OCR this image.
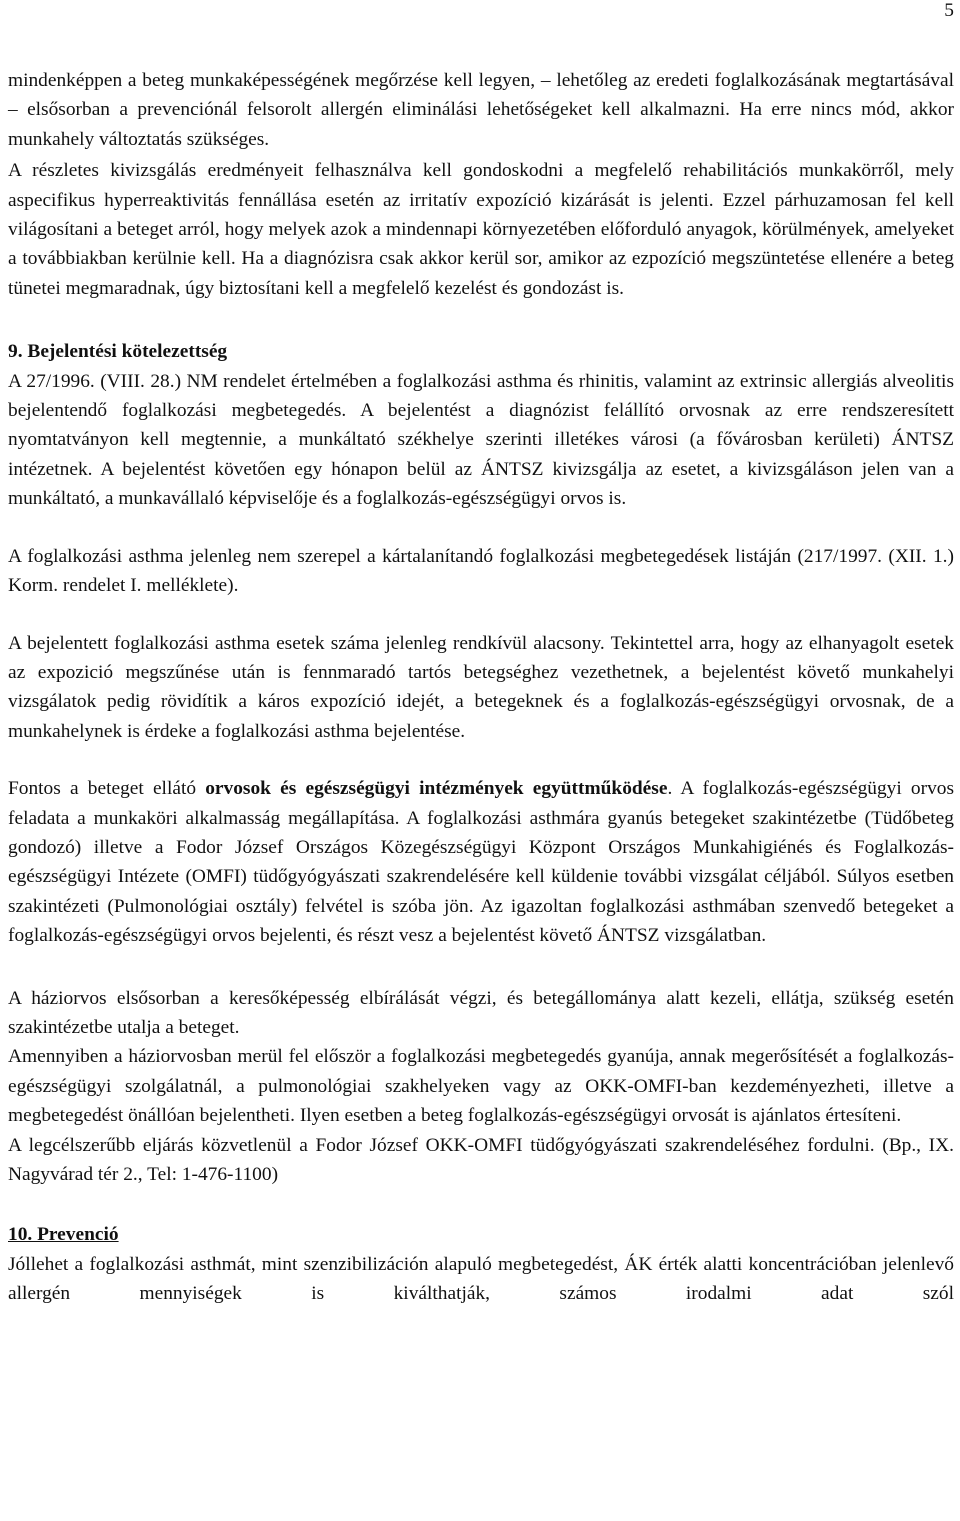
5

mindenképpen a beteg munkaképességének megőrzése kell legyen, – lehetőleg az eredeti foglalkozásának megtartásával – elsősorban a prevenciónál felsorolt allergén eliminálási lehetőségeket kell alkalmazni. Ha erre nincs mód, akkor munkahely változtatás szükséges.

A részletes kivizsgálás eredményeit felhasználva kell gondoskodni a megfelelő rehabilitációs munkakörről, mely aspecifikus hyperreaktivitás fennállása esetén az irritatív expozíció kizárását is jelenti. Ezzel párhuzamosan fel kell világosítani a beteget arról, hogy melyek azok a mindennapi környezetében előforduló anyagok, körülmények, amelyeket a továbbiakban kerülnie kell. Ha a diagnózisra csak akkor kerül sor, amikor az ezpozíció megszüntetése ellenére a beteg tünetei megmaradnak, úgy biztosítani kell a megfelelő kezelést és gondozást is.

9. Bejelentési kötelezettség

A 27/1996. (VIII. 28.) NM rendelet értelmében a foglalkozási asthma és rhinitis, valamint az extrinsic allergiás alveolitis bejelentendő foglalkozási megbetegedés. A bejelentést a diagnózist felállító orvosnak az erre rendszeresített nyomtatványon kell megtennie, a munkáltató székhelye szerinti illetékes városi (a fővárosban kerületi) ÁNTSZ intézetnek. A bejelentést követően egy hónapon belül az ÁNTSZ kivizsgálja az esetet, a kivizsgáláson jelen van a munkáltató, a munkavállaló képviselője és a foglalkozás-egészségügyi orvos is.

A foglalkozási asthma jelenleg nem szerepel a kártalanítandó foglalkozási megbetegedések listáján (217/1997. (XII. 1.) Korm. rendelet I. melléklete).

A bejelentett foglalkozási asthma esetek száma jelenleg rendkívül alacsony. Tekintettel arra, hogy az elhanyagolt esetek az expozició megszűnése után is fennmaradó tartós betegséghez vezethetnek, a bejelentést követő munkahelyi vizsgálatok pedig rövidítik a káros expozíció idejét, a betegeknek és a foglalkozás-egészségügyi orvosnak, de a munkahelynek is érdeke a foglalkozási asthma bejelentése.

Fontos a beteget ellátó orvosok és egészségügyi intézmények együttműködése. A foglalkozás-egészségügyi orvos feladata a munkaköri alkalmasság megállapítása. A foglalkozási asthmára gyanús betegeket szakintézetbe (Tüdőbeteg gondozó) illetve a Fodor József Országos Közegészségügyi Központ Országos Munkahigiénés és Foglalkozás-egészségügyi Intézete (OMFI) tüdőgyógyászati szakrendelésére kell küldenie további vizsgálat céljából. Súlyos esetben szakintézeti (Pulmonológiai osztály) felvétel is szóba jön. Az igazoltan foglalkozási asthmában szenvedő betegeket a foglalkozás-egészségügyi orvos bejelenti, és részt vesz a bejelentést követő ÁNTSZ vizsgálatban.

A háziorvos elsősorban a keresőképesség elbírálását végzi, és betegállománya alatt kezeli, ellátja, szükség esetén szakintézetbe utalja a beteget.

Amennyiben a háziorvosban merül fel először a foglalkozási megbetegedés gyanúja, annak megerősítését a foglalkozás-egészségügyi szolgálatnál, a pulmonológiai szakhelyeken vagy az OKK-OMFI-ban kezdeményezheti, illetve a megbetegedést önállóan bejelentheti. Ilyen esetben a beteg foglalkozás-egészségügyi orvosát is ajánlatos értesíteni.

A legcélszerűbb eljárás közvetlenül a Fodor József OKK-OMFI tüdőgyógyászati szakrendeléséhez fordulni. (Bp., IX. Nagyvárad tér 2., Tel: 1-476-1100)

10. Prevenció

Jóllehet a foglalkozási asthmát, mint szenzibilizáción alapuló megbetegedést, ÁK érték alatti koncentrációban jelenlevő allergén mennyiségek is kiválthatják, számos irodalmi adat szól
